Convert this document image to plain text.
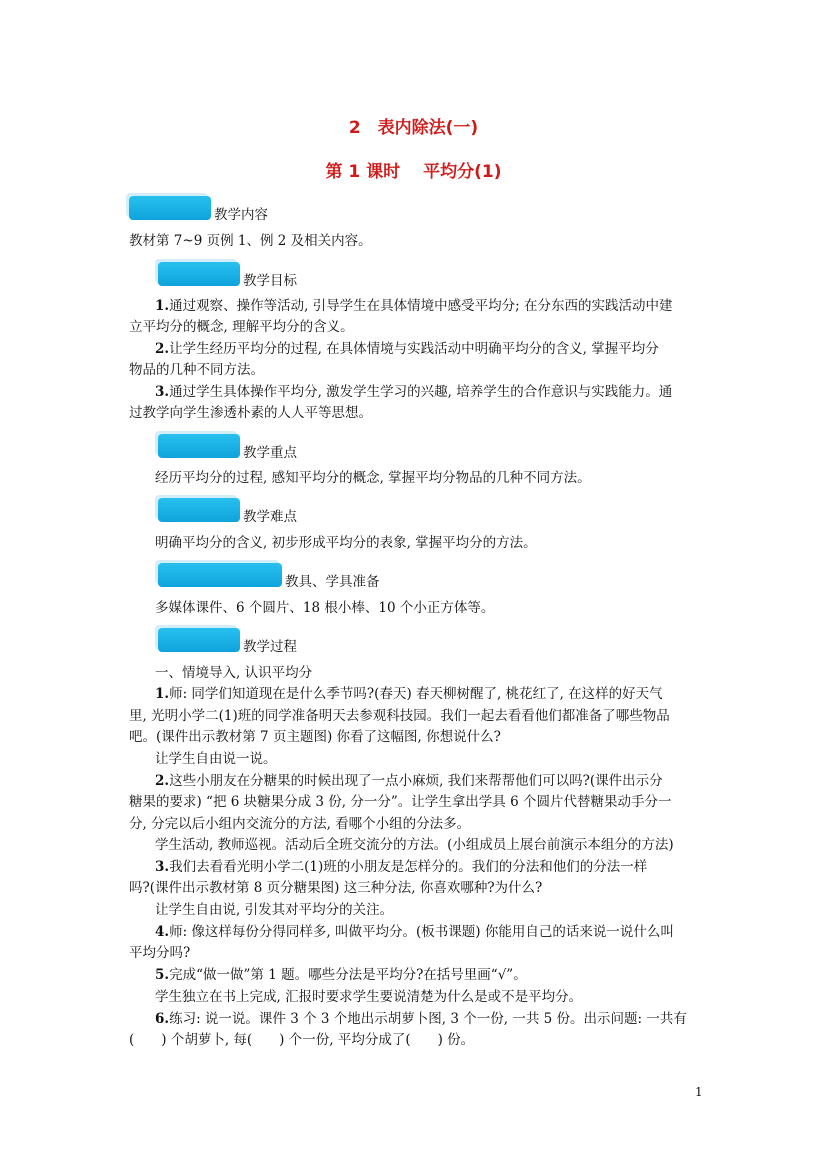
2　表内除法(一)
第 1 课时　 平均分(1)
教学内容
教材第 7~9 页例 1、例 2 及相关内容。
教学目标
1.通过观察、操作等活动, 引导学生在具体情境中感受平均分; 在分东西的实践活动中建
立平均分的概念, 理解平均分的含义。
2.让学生经历平均分的过程, 在具体情境与实践活动中明确平均分的含义, 掌握平均分
物品的几种不同方法。
3.通过学生具体操作平均分, 激发学生学习的兴趣, 培养学生的合作意识与实践能力。通
过教学向学生渗透朴素的人人平等思想。
教学重点
经历平均分的过程, 感知平均分的概念, 掌握平均分物品的几种不同方法。
教学难点
明确平均分的含义, 初步形成平均分的表象, 掌握平均分的方法。
教具、学具准备
多媒体课件、6 个圆片、18 根小棒、10 个小正方体等。
教学过程
一、情境导入, 认识平均分
1.师: 同学们知道现在是什么季节吗?(春天) 春天柳树醒了, 桃花红了, 在这样的好天气
里, 光明小学二(1)班的同学准备明天去参观科技园。我们一起去看看他们都准备了哪些物品
吧。(课件出示教材第 7 页主题图) 你看了这幅图, 你想说什么?
让学生自由说一说。
2.这些小朋友在分糖果的时候出现了一点小麻烦, 我们来帮帮他们可以吗?(课件出示分
糖果的要求) “把 6 块糖果分成 3 份, 分一分”。让学生拿出学具 6 个圆片代替糖果动手分一
分, 分完以后小组内交流分的方法, 看哪个小组的分法多。
学生活动, 教师巡视。活动后全班交流分的方法。(小组成员上展台前演示本组分的方法)
3.我们去看看光明小学二(1)班的小朋友是怎样分的。我们的分法和他们的分法一样
吗?(课件出示教材第 8 页分糖果图) 这三种分法, 你喜欢哪种?为什么?
让学生自由说, 引发其对平均分的关注。
4.师: 像这样每份分得同样多, 叫做平均分。(板书课题) 你能用自己的话来说一说什么叫
平均分吗?
5.完成“做一做”第 1 题。哪些分法是平均分?在括号里画“√”。
学生独立在书上完成, 汇报时要求学生要说清楚为什么是或不是平均分。
6.练习: 说一说。课件 3 个 3 个地出示胡萝卜图, 3 个一份, 一共 5 份。出示问题: 一共有
(　　) 个胡萝卜, 每(　　) 个一份, 平均分成了(　　) 份。
1
